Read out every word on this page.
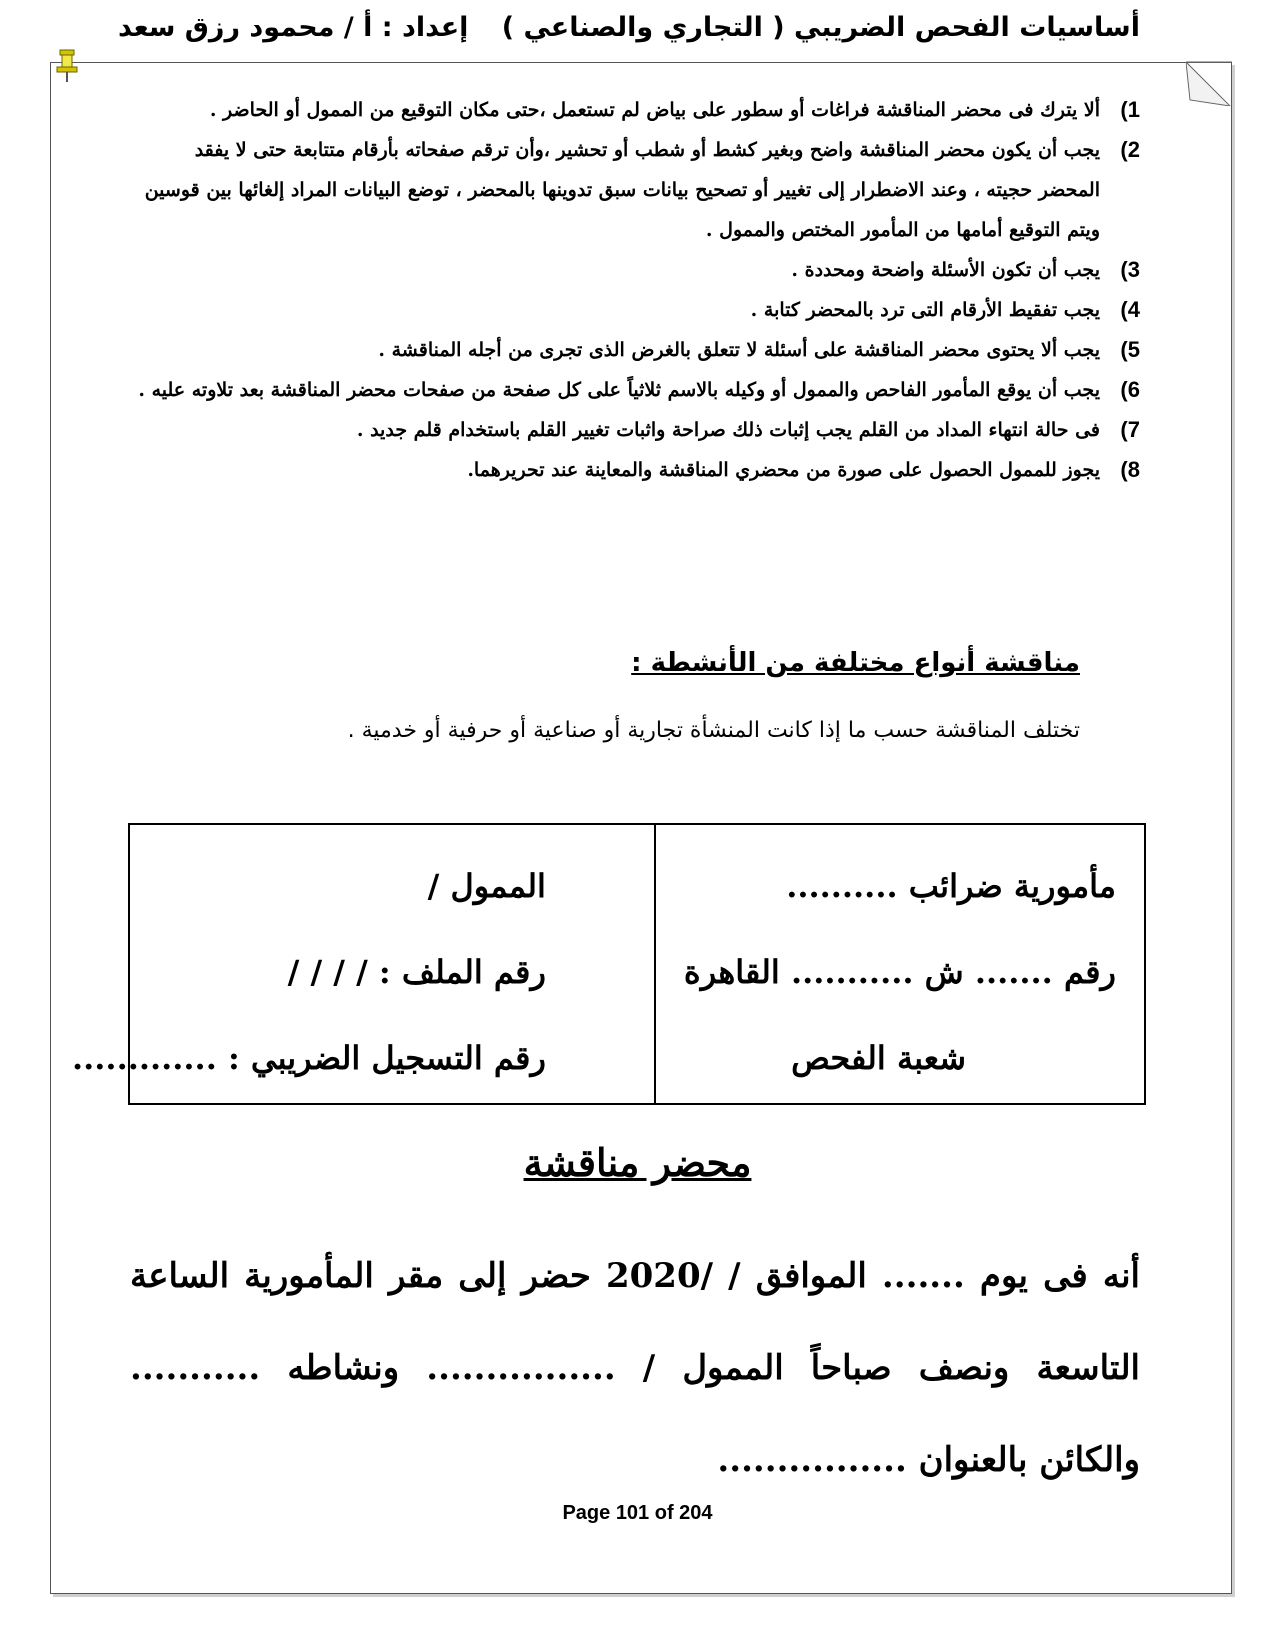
أساسيات الفحص الضريبي ( التجاري والصناعي )
إعداد : أ / محمود رزق سعد
1)
ألا يترك فى محضر المناقشة فراغات أو سطور على بياض لم تستعمل ،حتى مكان التوقيع من الممول أو الحاضر .
2)
يجب أن يكون محضر المناقشة واضح وبغير كشط أو شطب أو تحشير ،وأن ترقم صفحاته بأرقام متتابعة حتى لا يفقد المحضر حجيته ، وعند الاضطرار إلى تغيير أو تصحيح بيانات سبق تدوينها بالمحضر ، توضع البيانات المراد إلغائها بين قوسين ويتم التوقيع أمامها من المأمور المختص والممول .
3)
يجب أن تكون الأسئلة واضحة ومحددة .
4)
يجب تفقيط الأرقام التى ترد بالمحضر كتابة .
5)
يجب ألا يحتوى محضر المناقشة على أسئلة لا تتعلق بالغرض الذى تجرى من أجله المناقشة .
6)
يجب أن يوقع المأمور الفاحص والممول أو وكيله بالاسم ثلاثياً على كل صفحة من صفحات محضر المناقشة بعد تلاوته عليه .
7)
فى حالة انتهاء المداد من القلم يجب إثبات ذلك صراحة واثبات تغيير القلم باستخدام قلم جديد .
8)
يجوز للممول الحصول على صورة من محضري المناقشة والمعاينة عند تحريرهما.
مناقشة أنواع مختلفة من الأنشطة :
تختلف المناقشة حسب ما إذا كانت المنشأة تجارية أو صناعية أو حرفية أو خدمية .
مأمورية ضرائب ..........
رقم ....... ش ........... القاهرة
شعبة الفحص
الممول /
رقم الملف : / / / /
رقم التسجيل الضريبي : .............
محضر مناقشة
أنه فى يوم ....... الموافق / /2020 حضر إلى مقر المأمورية الساعة التاسعة ونصف صباحاً الممول / ................ ونشاطه ........... والكائن بالعنوان ................
Page 101 of 204
